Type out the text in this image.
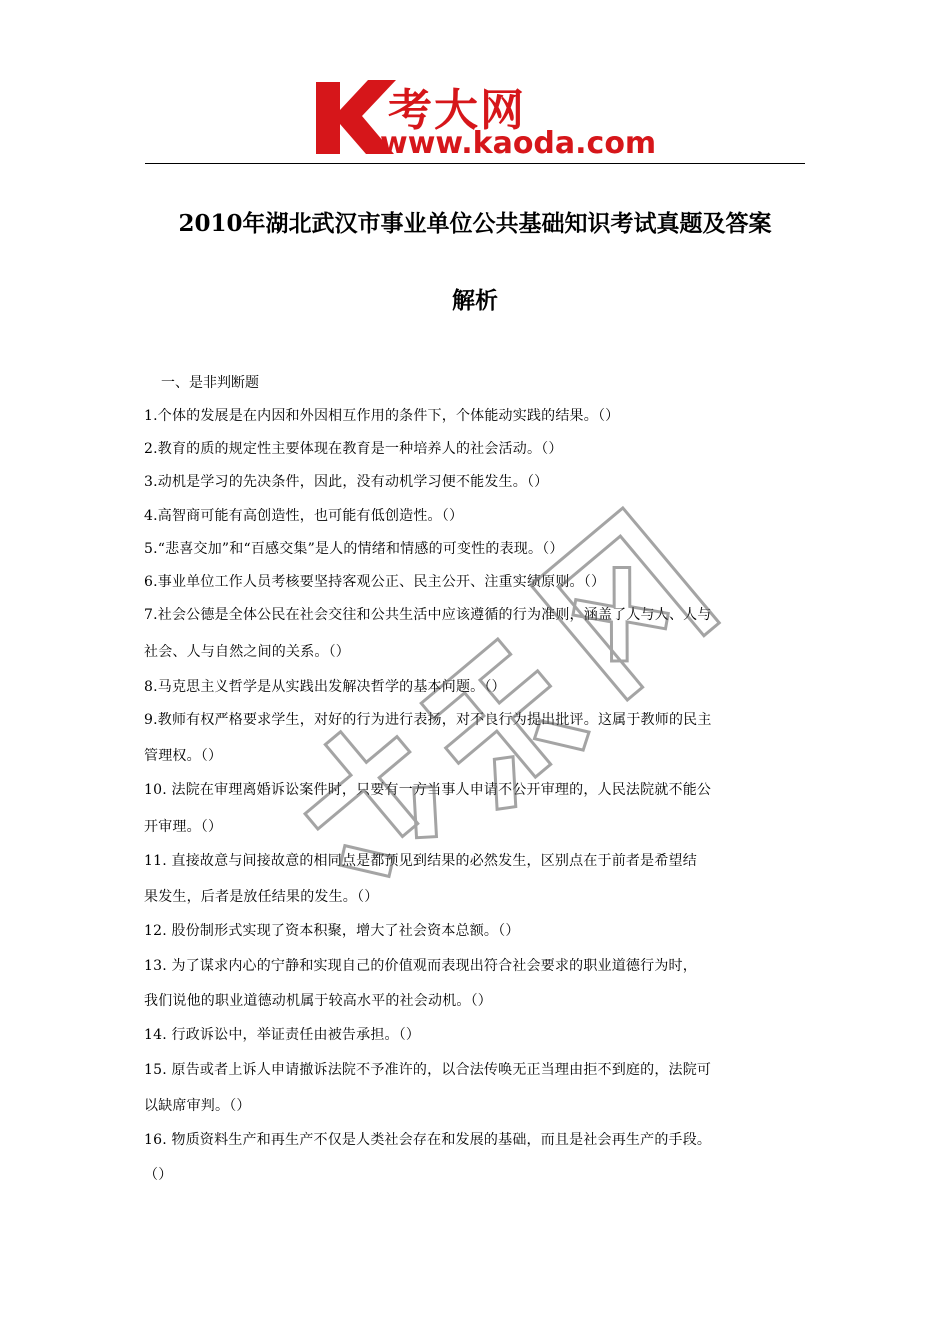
考大网
www.kaoda.com
2010年湖北武汉市事业单位公共基础知识考试真题及答案
解析
一、是非判断题
1.个体的发展是在内因和外因相互作用的条件下，个体能动实践的结果。（）
2.教育的质的规定性主要体现在教育是一种培养人的社会活动。（）
3.动机是学习的先决条件，因此，没有动机学习便不能发生。（）
4.高智商可能有高创造性，也可能有低创造性。（）
5.“悲喜交加”和“百感交集”是人的情绪和情感的可变性的表现。（）
6.事业单位工作人员考核要坚持客观公正、民主公开、注重实绩原则。（）
7.社会公德是全体公民在社会交往和公共生活中应该遵循的行为准则，涵盖了人与人、人与
社会、人与自然之间的关系。（）
8.马克思主义哲学是从实践出发解决哲学的基本问题。（）
9.教师有权严格要求学生，对好的行为进行表扬，对不良行为提出批评。这属于教师的民主
管理权。（）
10. 法院在审理离婚诉讼案件时，只要有一方当事人申请不公开审理的，人民法院就不能公
开审理。（）
11. 直接故意与间接故意的相同点是都预见到结果的必然发生，区别点在于前者是希望结
果发生，后者是放任结果的发生。（）
12. 股份制形式实现了资本积聚，增大了社会资本总额。（）
13. 为了谋求内心的宁静和实现自己的价值观而表现出符合社会要求的职业道德行为时，
我们说他的职业道德动机属于较高水平的社会动机。（）
14. 行政诉讼中，举证责任由被告承担。（）
15. 原告或者上诉人申请撤诉法院不予准许的，以合法传唤无正当理由拒不到庭的，法院可
以缺席审判。（）
16. 物质资料生产和再生产不仅是人类社会存在和发展的基础，而且是社会再生产的手段。
（）
